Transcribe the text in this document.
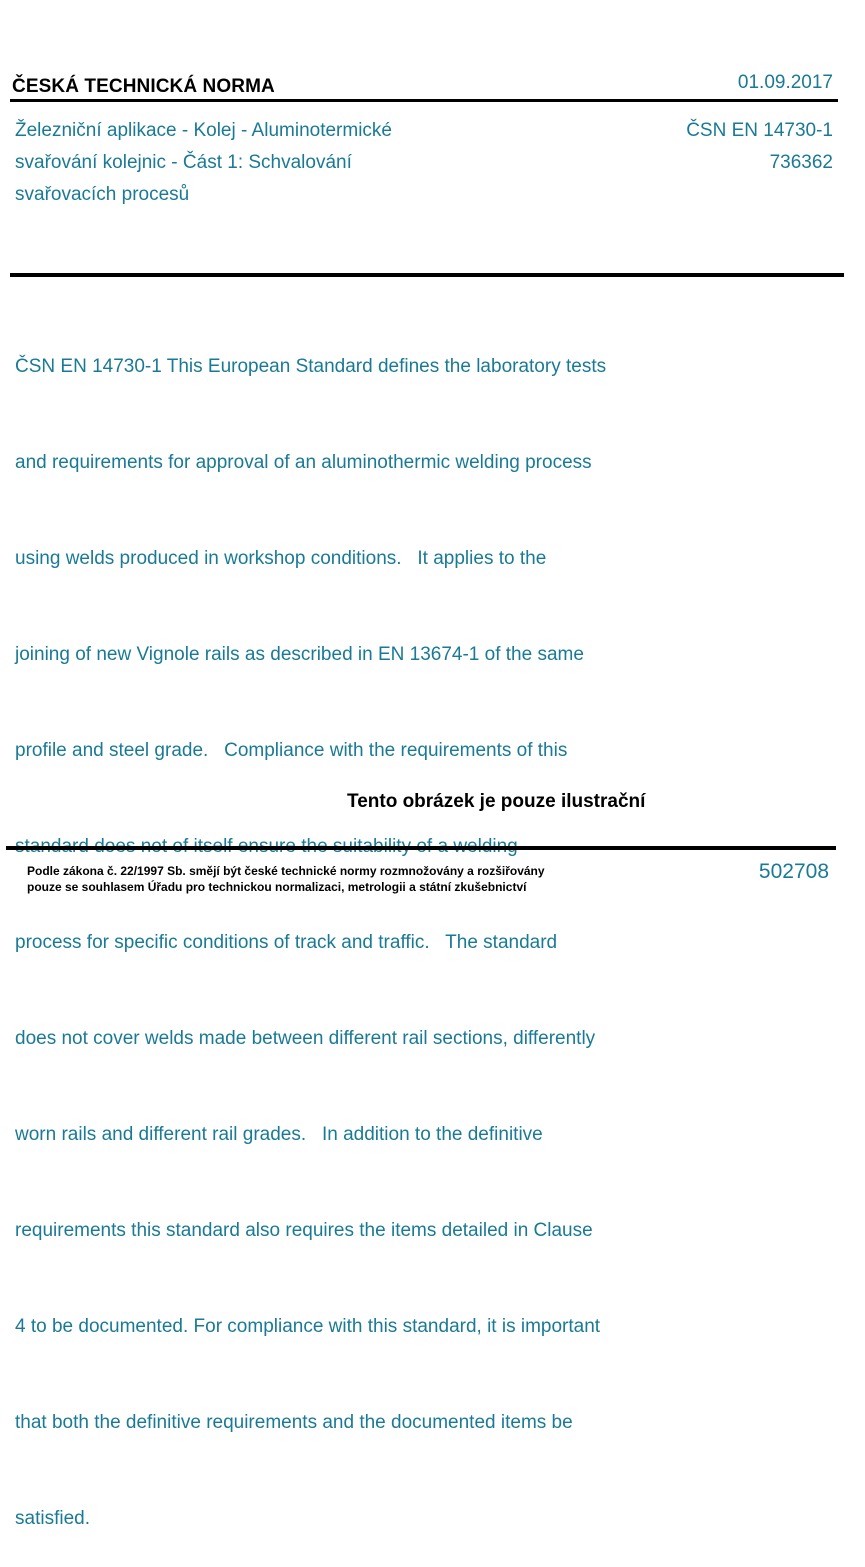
ČESKÁ TECHNICKÁ NORMA	01.09.2017
Železniční aplikace - Kolej - Aluminotermické
svařování kolejnic - Část 1: Schvalování
svařovacích procesů
ČSN EN 14730-1
736362

ČSN EN 14730-1 This European Standard defines the laboratory tests

and requirements for approval of an aluminothermic welding process

using welds produced in workshop conditions.   It applies to the

joining of new Vignole rails as described in EN 13674-1 of the same

profile and steel grade.   Compliance with the requirements of this

process for specific conditions of track and traffic.   The standard

does not cover welds made between different rail sections, differently

worn rails and different rail grades.   In addition to the definitive

requirements this standard also requires the items detailed in Clause

4 to be documented. For compliance with this standard, it is important

that both the definitive requirements and the documented items be

satisfied.

Tento obrázek je pouze ilustrační
Podle zákona č. 22/1997 Sb. smějí být české technické normy rozmnožovány a rozšiřovány
pouze se souhlasem Úřadu pro technickou normalizaci, metrologii a státní zkušebnictví
502708
